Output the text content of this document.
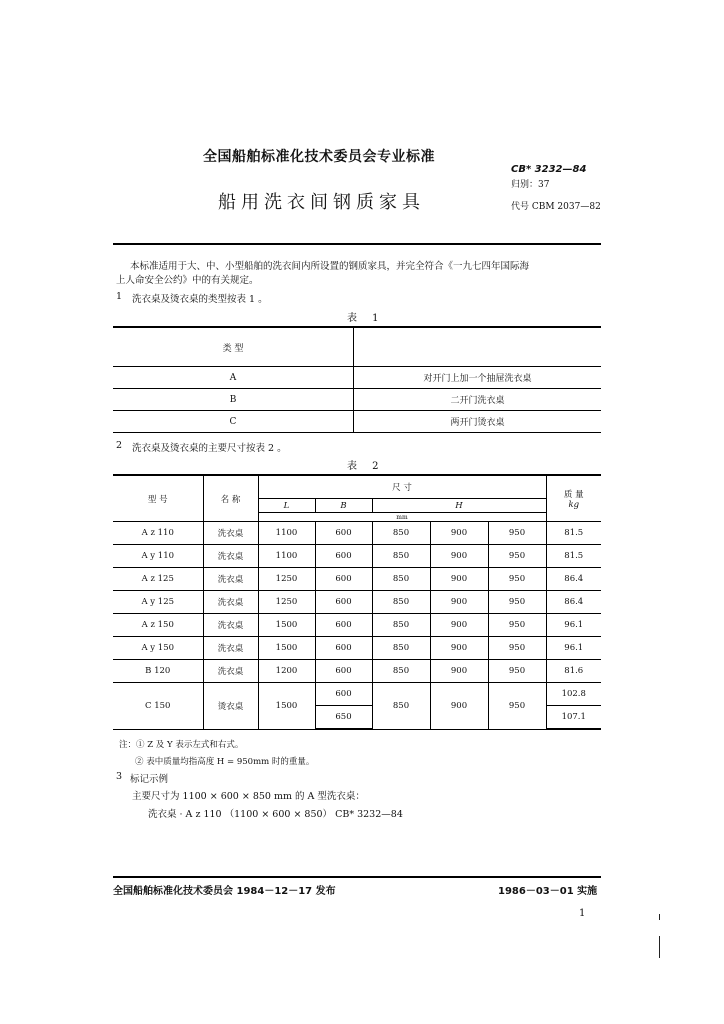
全国船舶标准化技术委员会专业标准
船用洗衣间钢质家具
CB* 3232—84
归别：37
代号 CBM 2037—82
本标准适用于大、中、小型船舶的洗衣间内所设置的钢质家具，并完全符合《一九七四年国际海
上人命安全公约》中的有关规定。
1 洗衣桌及烫衣桌的类型按表 1 。
表 1
类 型	
A	对开门上加一个抽屉洗衣桌
B	二开门洗衣桌
C	两开门烫衣桌
2 洗衣桌及烫衣桌的主要尺寸按表 2 。
表 2
型 号	名 称	尺 寸					质 量
kg

		L	B	H			
		mm					
A z 110	洗衣桌	1100	600	850	900	950	81.5
A y 110	洗衣桌	1100	600	850	900	950	81.5
A z 125	洗衣桌	1250	600	850	900	950	86.4
A y 125	洗衣桌	1250	600	850	900	950	86.4
A z 150	洗衣桌	1500	600	850	900	950	96.1
A y 150	洗衣桌	1500	600	850	900	950	96.1
B 120	洗衣桌	1200	600	850	900	950	81.6
C 150	烫衣桌	1500	600	850	900	950	102.8
			650				107.1
注：① Z 及 Y 表示左式和右式。
② 表中质量均指高度 H = 950mm 时的重量。
3 标记示例
主要尺寸为 1100 × 600 × 850 mm 的 A 型洗衣桌：
洗衣桌 · A z 110 （1100 × 600 × 850） CB* 3232—84
全国船舶标准化技术委员会 1984－12－17 发布	1986－03－01 实施
1
